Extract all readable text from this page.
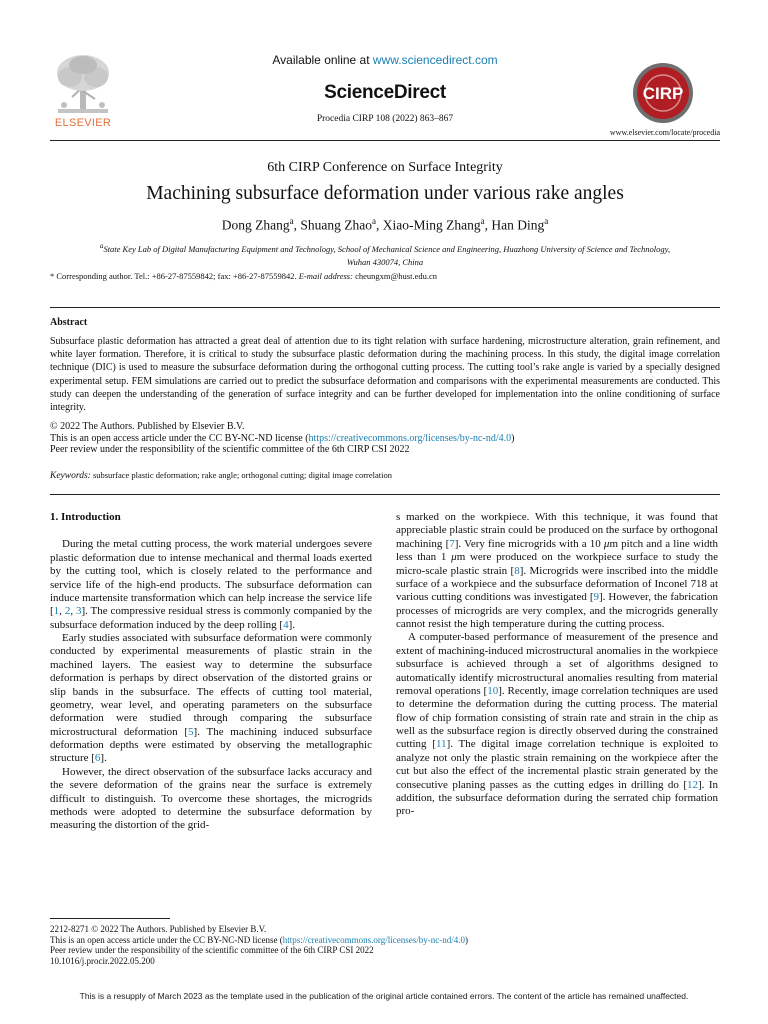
ELSEVIER
Available online at www.sciencedirect.com
ScienceDirect
Procedia CIRP 108 (2022) 863–867
CIRP
www.elsevier.com/locate/procedia
6th CIRP Conference on Surface Integrity
Machining subsurface deformation under various rake angles
Dong Zhang$^a$, Shuang Zhao$^a$, Xiao-Ming Zhang$^a$, Han Ding$^a$
$^a$State Key Lab of Digital Manufacturing Equipment and Technology, School of Mechanical Science and Engineering, Huazhong University of Science and Technology, Wuhan 430074, China
* Corresponding author. Tel.: +86-27-87559842; fax: +86-27-87559842. E-mail address: cheungxm@hust.edu.cn
Abstract
Subsurface plastic deformation has attracted a great deal of attention due to its tight relation with surface hardening, microstructure alteration, grain refinement, and white layer formation. Therefore, it is critical to study the subsurface plastic deformation during the machining process. In this study, the digital image correlation technique (DIC) is used to measure the subsurface deformation during the orthogonal cutting process. The cutting tool’s rake angle is varied by a specially designed experimental setup. FEM simulations are carried out to predict the subsurface deformation and comparisons with the experimental measurements are conducted. This study can deepen the understanding of the generation of surface integrity and can be further developed for implementation into the online conditioning of surface integrity.
© 2022 The Authors. Published by Elsevier B.V.
This is an open access article under the CC BY-NC-ND license (https://creativecommons.org/licenses/by-nc-nd/4.0)
Peer review under the responsibility of the scientific committee of the 6th CIRP CSI 2022
Keywords: subsurface plastic deformation; rake angle; orthogonal cutting; digital image correlation
1. Introduction

During the metal cutting process, the work material undergoes severe plastic deformation due to intense mechanical and thermal loads exerted by the cutting tool, which is closely related to the performance and service life of the high-end products. The subsurface deformation can induce martensite transformation which can help increase the service life [1, 2, 3]. The compressive residual stress is commonly companied by the subsurface deformation induced by the deep rolling [4].

Early studies associated with subsurface deformation were commonly conducted by experimental measurements of plastic strain in the machined layers. The easiest way to determine the subsurface deformation is perhaps by direct observation of the distorted grains or slip bands in the subsurface. The effects of cutting tool material, geometry, wear level, and operating parameters on the subsurface deformation were studied through comparing the subsurface microstructural deformation [5]. The machining induced subsurface deformation depths were estimated by observing the metallographic structure [6].

However, the direct observation of the subsurface lacks accuracy and the severe deformation of the grains near the surface is extremely difficult to distinguish. To overcome these shortages, the microgrids methods were adopted to determine the subsurface deformation by measuring the distortion of the grid-

s marked on the workpiece. With this technique, it was found that appreciable plastic strain could be produced on the surface by orthogonal machining [7]. Very fine microgrids with a 10 μm pitch and a line width less than 1 μm were produced on the workpiece surface to study the micro-scale plastic strain [8]. Microgrids were inscribed into the middle surface of a workpiece and the subsurface deformation of Inconel 718 at various cutting conditions was investigated [9]. However, the fabrication processes of microgrids are very complex, and the microgrids generally cannot resist the high temperature during the cutting process.

A computer-based performance of measurement of the presence and extent of machining-induced microstructural anomalies in the workpiece subsurface is achieved through a set of algorithms designed to automatically identify microstructural anomalies resulting from material removal operations [10]. Recently, image correlation techniques are used to determine the deformation during the cutting process. The material flow of chip formation consisting of strain rate and strain in the chip as well as the subsurface region is directly observed during the constrained cutting [11]. The digital image correlation technique is exploited to analyze not only the plastic strain remaining on the workpiece after the cut but also the effect of the incremental plastic strain generated by the consecutive planing passes as the cutting edges in drilling do [12]. In addition, the subsurface deformation during the serrated chip formation pro-

2212-8271 © 2022 The Authors. Published by Elsevier B.V.
This is an open access article under the CC BY-NC-ND license (https://creativecommons.org/licenses/by-nc-nd/4.0)
Peer review under the responsibility of the scientific committee of the 6th CIRP CSI 2022
10.1016/j.procir.2022.05.200
This is a resupply of March 2023 as the template used in the publication of the original article contained errors. The content of the article has remained unaffected.
